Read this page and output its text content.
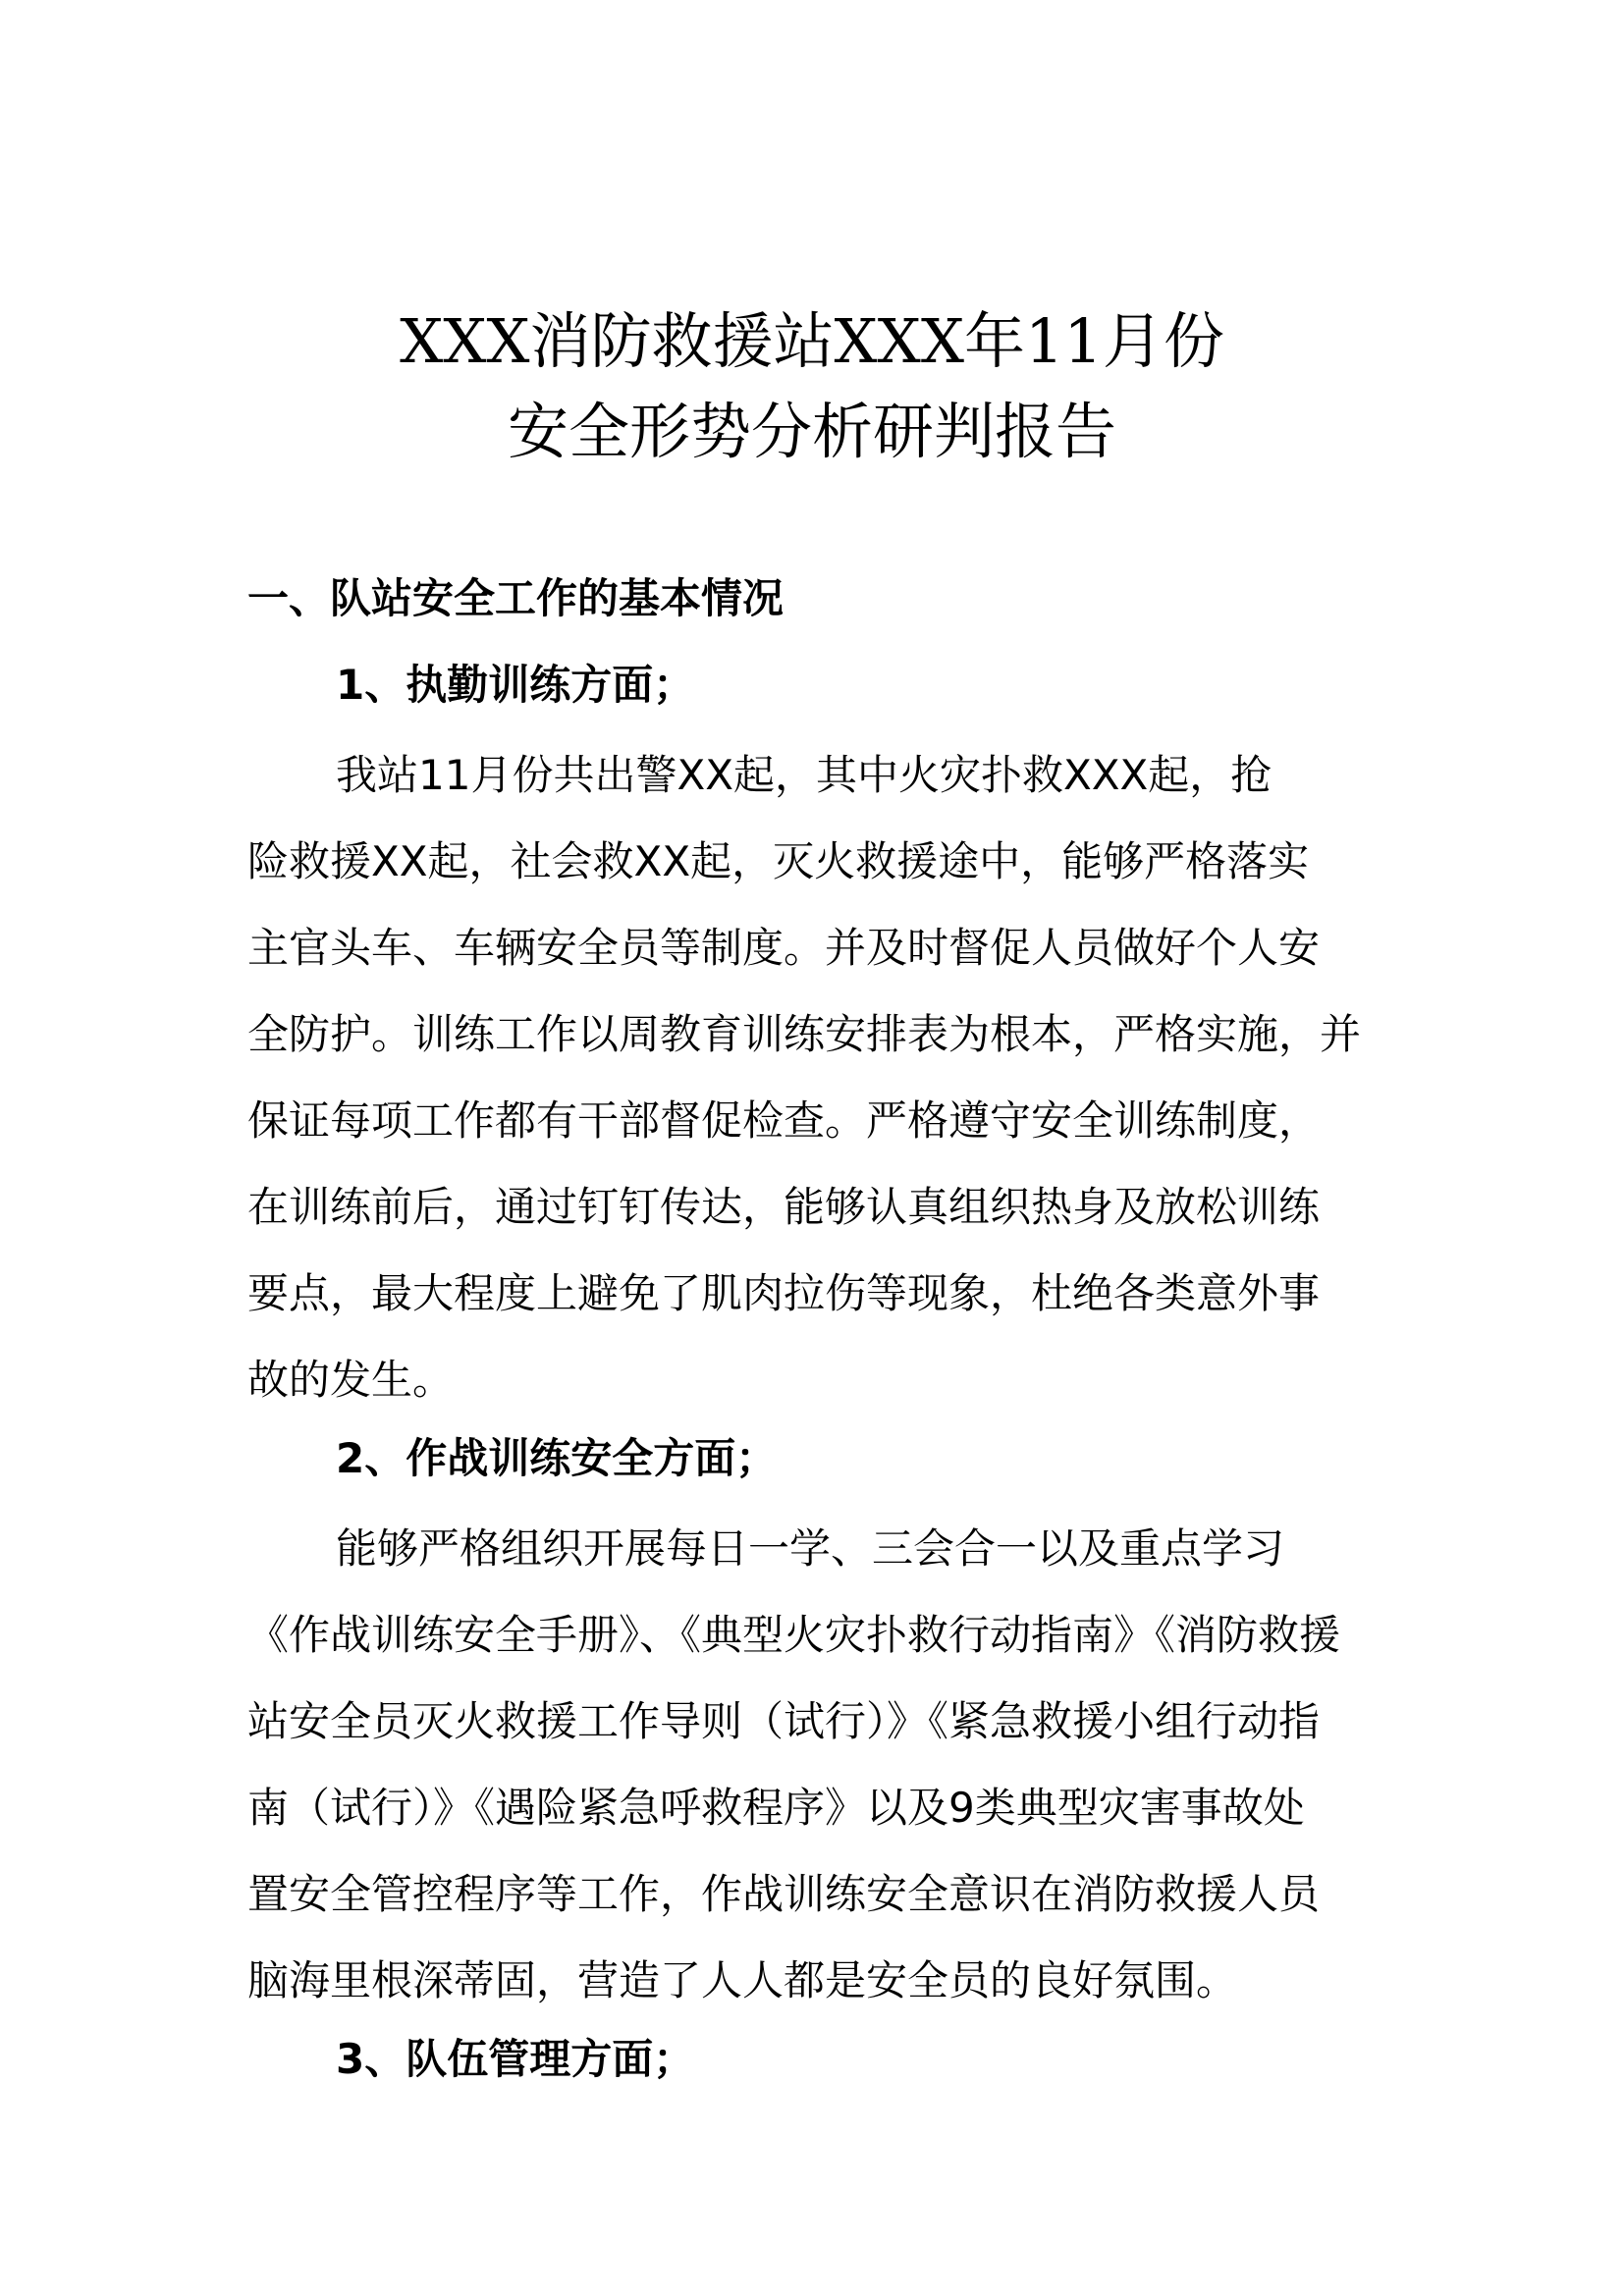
XXX消防救援站XXX年11月份
安全形势分析研判报告
一、队站安全工作的基本情况
1、执勤训练方面；
我站11月份共出警XX起，其中火灾扑救XXX起，抢
险救援XX起，社会救XX起，灭火救援途中，能够严格落实
主官头车、车辆安全员等制度。并及时督促人员做好个人安
全防护。训练工作以周教育训练安排表为根本，严格实施，并
保证每项工作都有干部督促检查。严格遵守安全训练制度，
在训练前后，通过钉钉传达，能够认真组织热身及放松训练
要点，最大程度上避免了肌肉拉伤等现象，杜绝各类意外事
故的发生。
2、作战训练安全方面；
能够严格组织开展每日一学、三会合一以及重点学习
《作战训练安全手册》、《典型火灾扑救行动指南》《消防救援
站安全员灭火救援工作导则（试行）》《紧急救援小组行动指
南（试行）》《遇险紧急呼救程序》以及9类典型灾害事故处
置安全管控程序等工作，作战训练安全意识在消防救援人员
脑海里根深蒂固，营造了人人都是安全员的良好氛围。
3、队伍管理方面；
